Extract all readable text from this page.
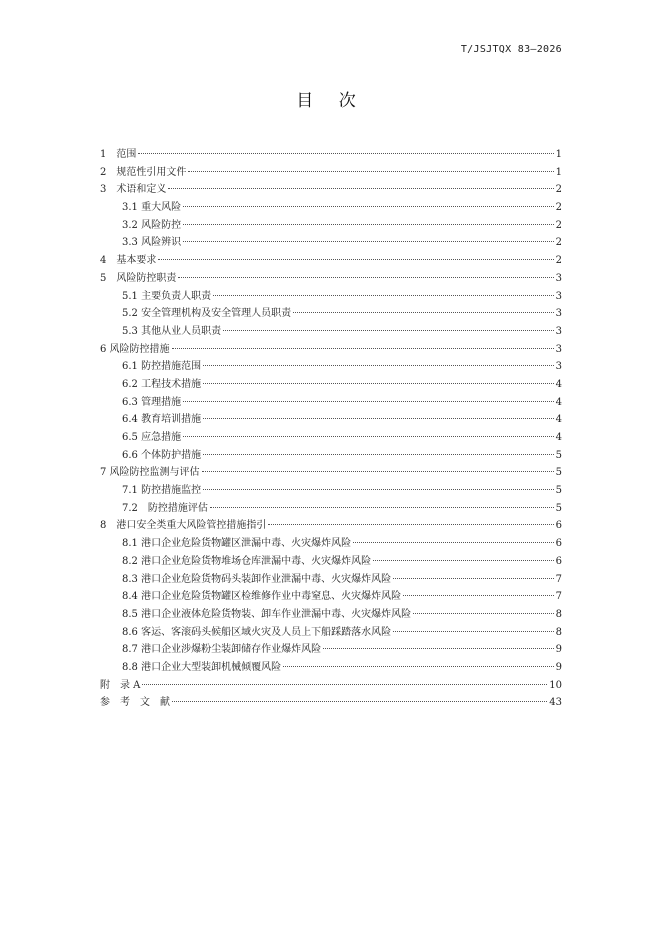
T/JSJTQX 83—2026
目 次
1　范围	1
2　规范性引用文件	1
3　术语和定义	2
3.1 重大风险	2
3.2 风险防控	2
3.3 风险辨识	2
4　基本要求	2
5　风险防控职责	3
5.1 主要负责人职责	3
5.2 安全管理机构及安全管理人员职责	3
5.3 其他从业人员职责	3
6 风险防控措施	3
6.1 防控措施范围	3
6.2 工程技术措施	4
6.3 管理措施	4
6.4 教育培训措施	4
6.5 应急措施	4
6.6 个体防护措施	5
7 风险防控监测与评估	5
7.1 防控措施监控	5
7.2　防控措施评估	5
8　港口安全类重大风险管控措施指引	6
8.1 港口企业危险货物罐区泄漏中毒、火灾爆炸风险	6
8.2 港口企业危险货物堆场仓库泄漏中毒、火灾爆炸风险	6
8.3 港口企业危险货物码头装卸作业泄漏中毒、火灾爆炸风险	7
8.4 港口企业危险货物罐区检维修作业中毒窒息、火灾爆炸风险	7
8.5 港口企业液体危险货物装、卸车作业泄漏中毒、火灾爆炸风险	8
8.6 客运、客滚码头候船区域火灾及人员上下船踩踏落水风险	8
8.7 港口企业涉爆粉尘装卸储存作业爆炸风险	9
8.8 港口企业大型装卸机械倾覆风险	9
附　录 A	10
参　考　文　献	43
